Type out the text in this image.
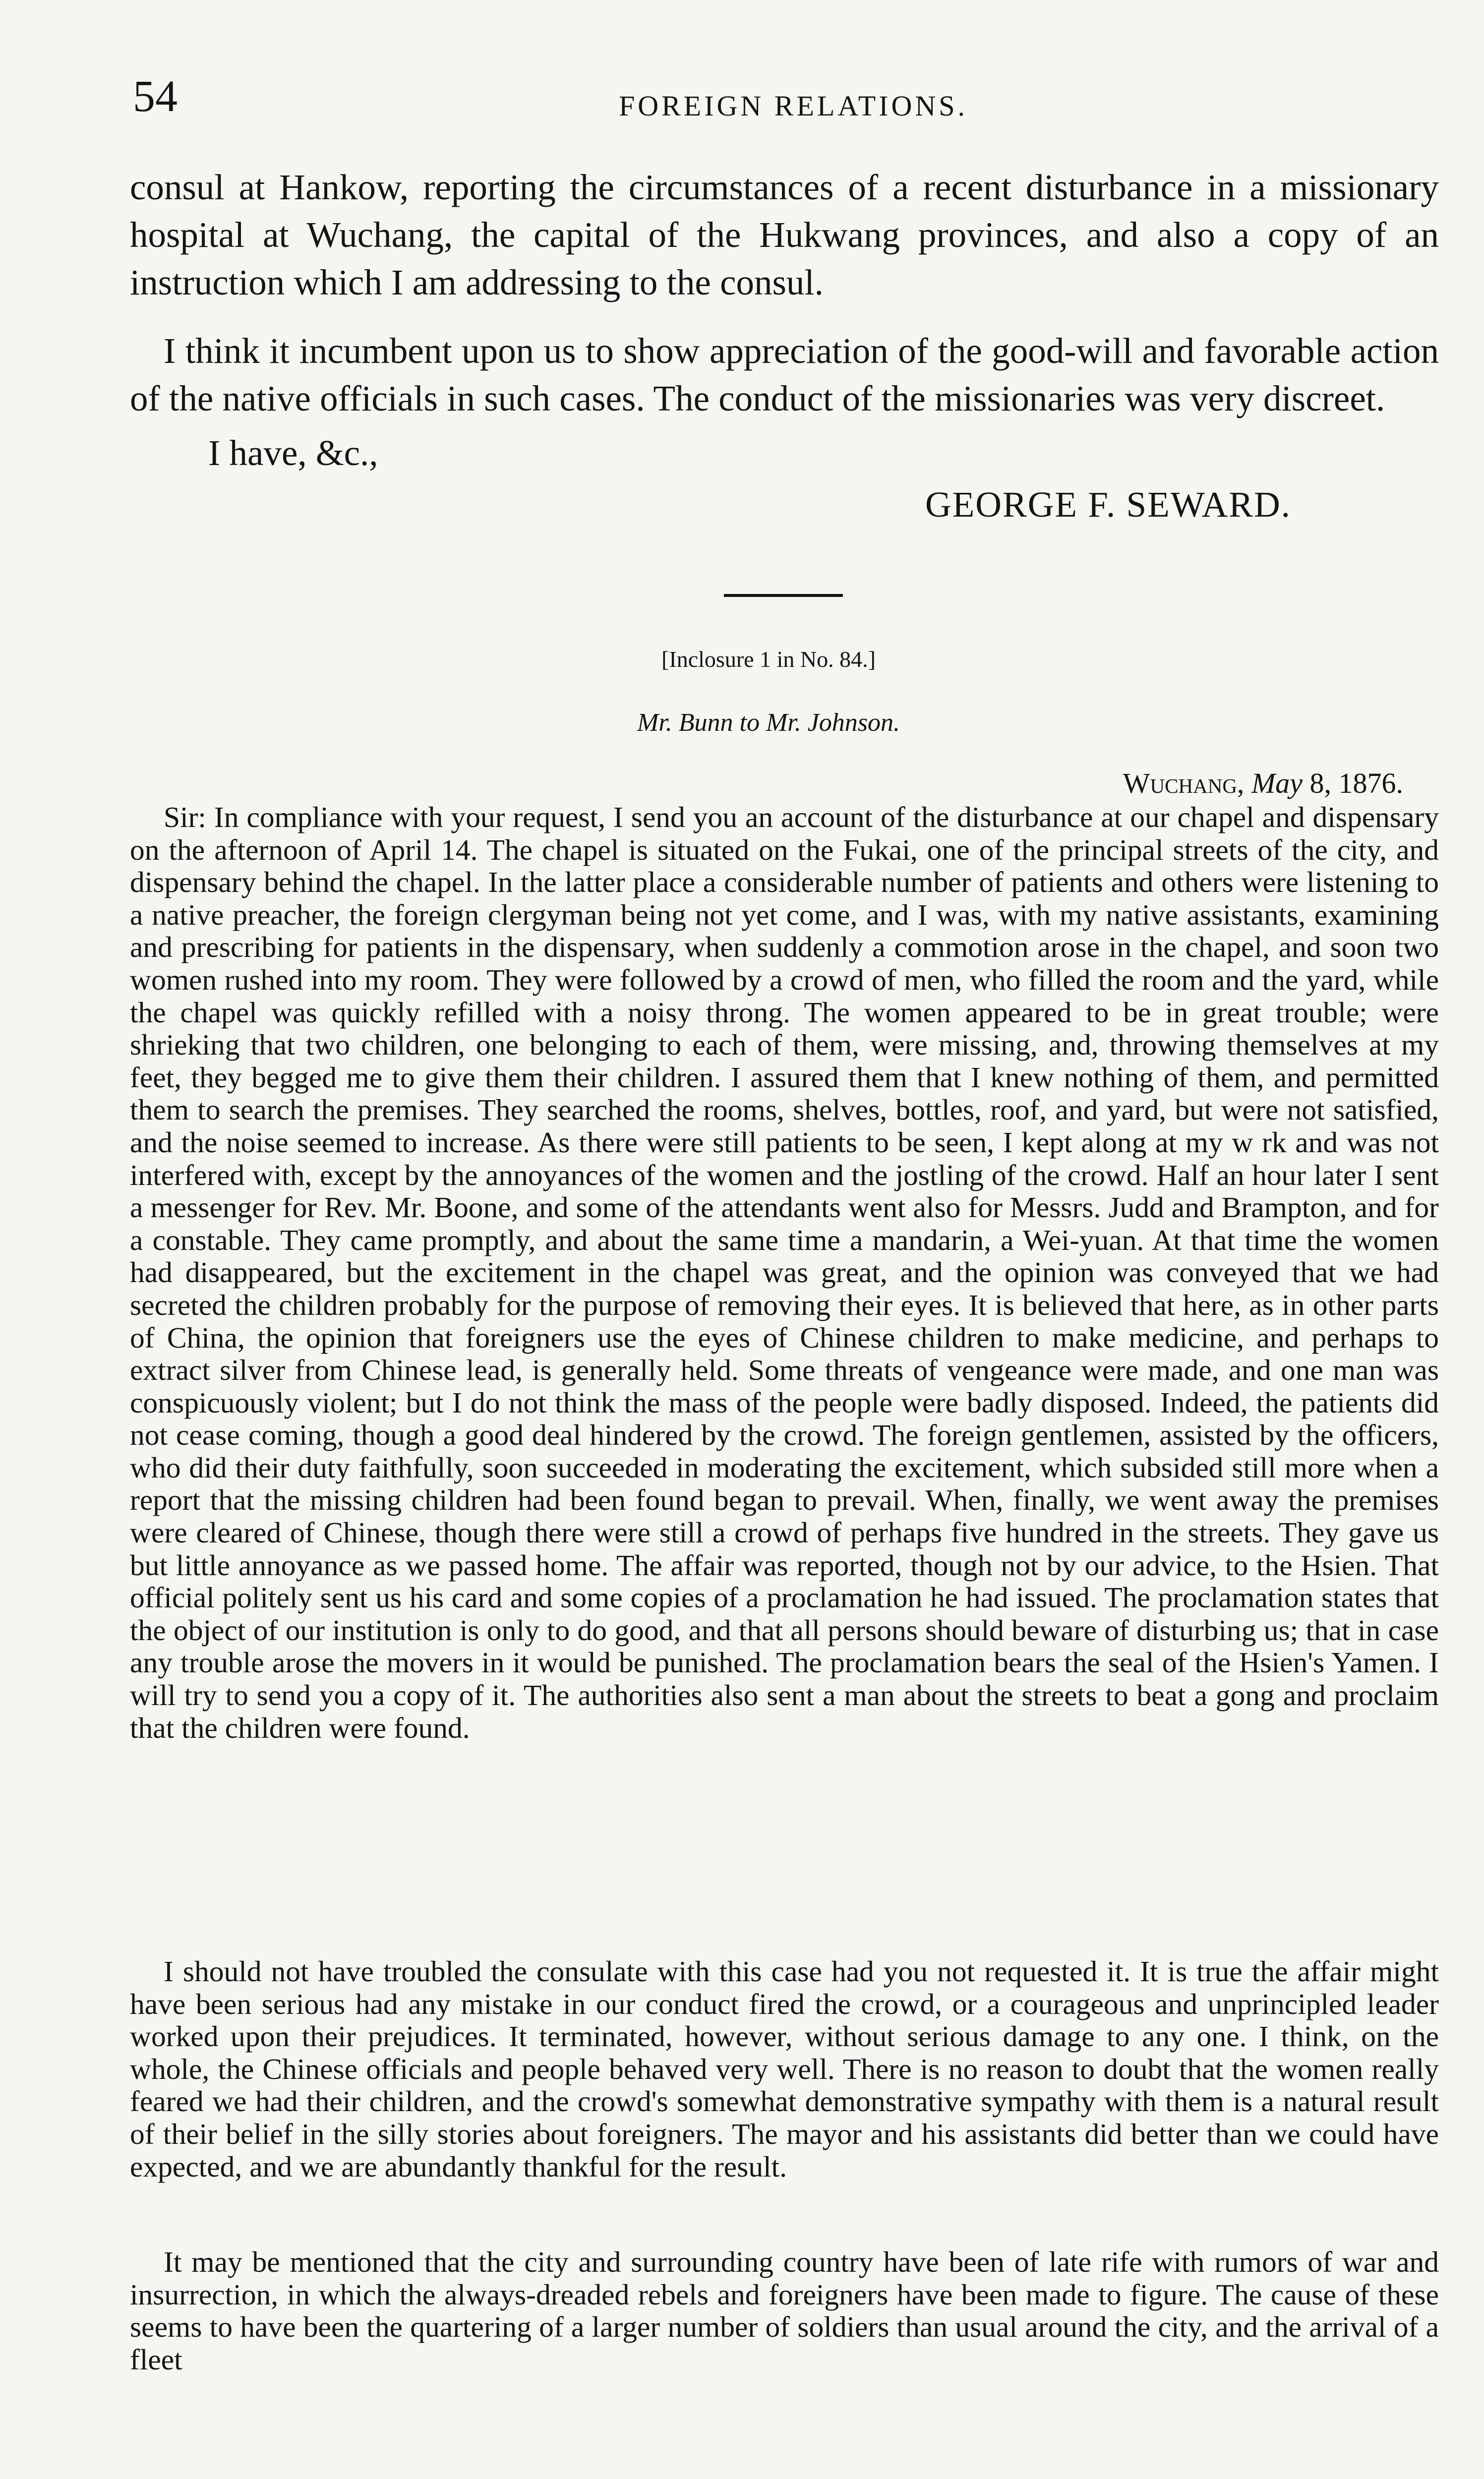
54	FOREIGN RELATIONS.

consul at Hankow, reporting the circumstances of a recent disturbance in a missionary hospital at Wuchang, the capital of the Hukwang provinces, and also a copy of an instruction which I am addressing to the consul.

I think it incumbent upon us to show appreciation of the good-will and favorable action of the native officials in such cases. The conduct of the missionaries was very discreet.

I have, &c.,
GEORGE F. SEWARD.
[Inclosure 1 in No. 84.]
Mr. Bunn to Mr. Johnson.
Wuchang, May 8, 1876.

Sir: In compliance with your request, I send you an account of the disturbance at our chapel and dispensary on the afternoon of April 14. The chapel is situated on the Fukai, one of the principal streets of the city, and dispensary behind the chapel. In the latter place a considerable number of patients and others were listening to a native preacher, the foreign clergyman being not yet come, and I was, with my native assistants, examining and prescribing for patients in the dispensary, when suddenly a commotion arose in the chapel, and soon two women rushed into my room. They were followed by a crowd of men, who filled the room and the yard, while the chapel was quickly refilled with a noisy throng. The women appeared to be in great trouble; were shrieking that two children, one belonging to each of them, were missing, and, throwing themselves at my feet, they begged me to give them their children. I assured them that I knew nothing of them, and permitted them to search the premises. They searched the rooms, shelves, bottles, roof, and yard, but were not satisfied, and the noise seemed to increase. As there were still patients to be seen, I kept along at my w rk and was not interfered with, except by the annoyances of the women and the jostling of the crowd. Half an hour later I sent a messenger for Rev. Mr. Boone, and some of the attendants went also for Messrs. Judd and Brampton, and for a constable. They came promptly, and about the same time a mandarin, a Wei-yuan. At that time the women had disappeared, but the excitement in the chapel was great, and the opinion was conveyed that we had secreted the children probably for the purpose of removing their eyes. It is believed that here, as in other parts of China, the opinion that foreigners use the eyes of Chinese children to make medicine, and perhaps to extract silver from Chinese lead, is generally held. Some threats of vengeance were made, and one man was conspicuously violent; but I do not think the mass of the people were badly disposed. Indeed, the patients did not cease coming, though a good deal hindered by the crowd. The foreign gentlemen, assisted by the officers, who did their duty faithfully, soon succeeded in moderating the excitement, which subsided still more when a report that the missing children had been found began to prevail. When, finally, we went away the premises were cleared of Chinese, though there were still a crowd of perhaps five hundred in the streets. They gave us but little annoyance as we passed home. The affair was reported, though not by our advice, to the Hsien. That official politely sent us his card and some copies of a proclamation he had issued. The proclamation states that the object of our institution is only to do good, and that all persons should beware of disturbing us; that in case any trouble arose the movers in it would be punished. The proclamation bears the seal of the Hsien's Yamen. I will try to send you a copy of it. The authorities also sent a man about the streets to beat a gong and proclaim that the children were found.

I should not have troubled the consulate with this case had you not requested it. It is true the affair might have been serious had any mistake in our conduct fired the crowd, or a courageous and unprincipled leader worked upon their prejudices. It terminated, however, without serious damage to any one. I think, on the whole, the Chinese officials and people behaved very well. There is no reason to doubt that the women really feared we had their children, and the crowd's somewhat demonstrative sympathy with them is a natural result of their belief in the silly stories about foreigners. The mayor and his assistants did better than we could have expected, and we are abundantly thankful for the result.

It may be mentioned that the city and surrounding country have been of late rife with rumors of war and insurrection, in which the always-dreaded rebels and foreigners have been made to figure. The cause of these seems to have been the quartering of a larger number of soldiers than usual around the city, and the arrival of a fleet
